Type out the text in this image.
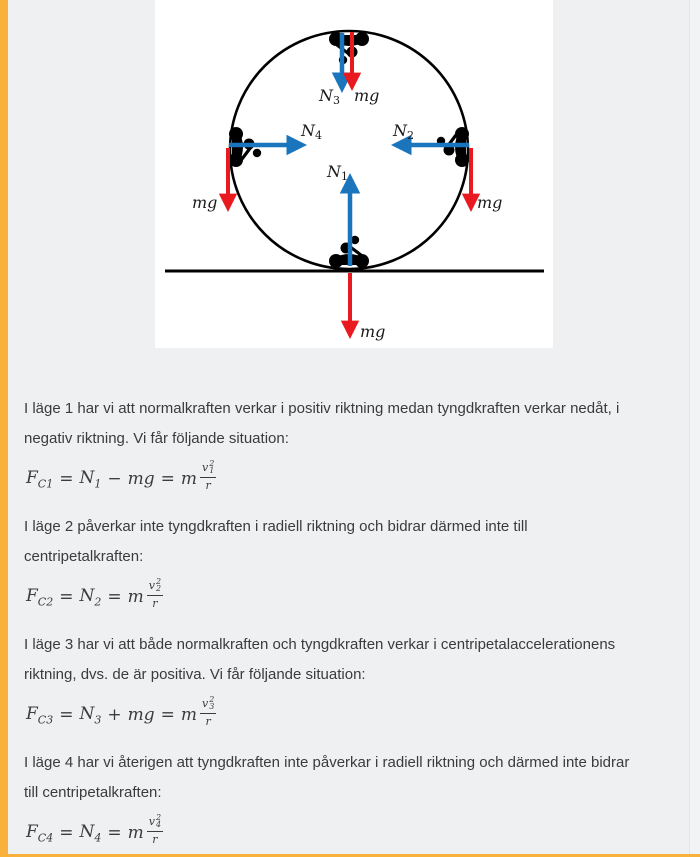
N1
mg
N2
mg
N3 mg
N4
mg
I läge 1 har vi att normalkraften verkar i positiv riktning medan tyngdkraften verkar nedåt, i
negativ riktning. Vi får följande situation:
$F_{C1} = N_1$ − mg = m v 2
1
r
I läge 2 påverkar inte tyngdkraften i radiell riktning och bidrar därmed inte till
centripetalkraften:
$F_{C2} = N_2 = m$ v 2
2
r
I läge 3 har vi att både normalkraften och tyngdkraften verkar i centripetalaccelerationens
riktning, dvs. de är positiva. Vi får följande situation:
$F_{C3} = N_3$ + mg = m v 2
3
r
I läge 4 har vi återigen att tyngdkraften inte påverkar i radiell riktning och därmed inte bidrar
till centripetalkraften:
$F_{C4} = N_4 = m$ v 2
4
r
